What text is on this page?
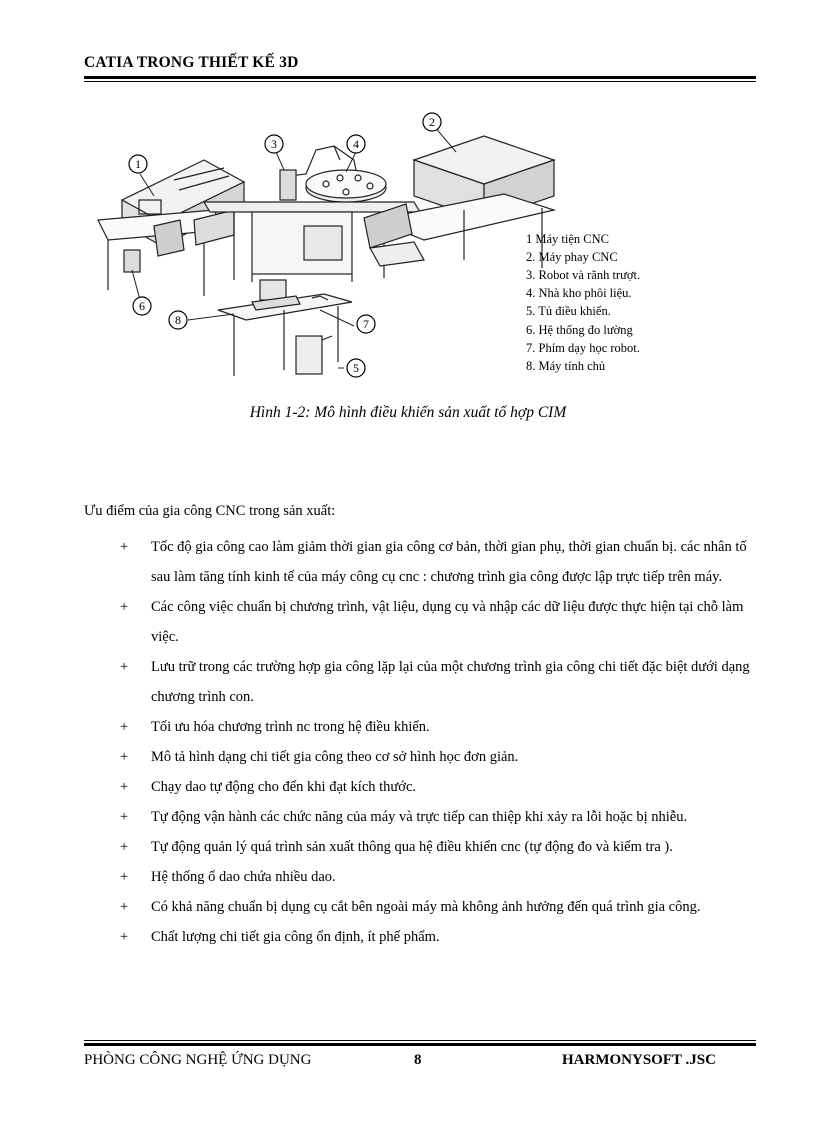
CATIA TRONG THIẾT KẾ 3D
1
2
3	4
5
6
7
8
1 Máy tiện CNC
2. Máy phay CNC
3. Robot và rãnh trượt.
4. Nhà kho phôi liệu.
5. Tủ điều khiển.
6. Hệ thống đo lường
7. Phím dạy học robot.
8. Máy tính chủ
Hình 1-2: Mô hình điều khiển sản xuất tổ hợp CIM
Ưu điểm của gia công CNC trong sản xuất:
+ Tốc độ gia công cao làm giảm thời gian gia công cơ bản, thời gian phụ, thời gian chuẩn bị. các nhân tố sau làm tăng tính kinh tế của máy công cụ cnc : chương trình gia công được lập trực tiếp trên máy.
+ Các công việc chuẩn bị chương trình, vật liệu, dụng cụ và nhập các dữ liệu được thực hiện tại chỗ làm việc.
+ Lưu trữ trong các trường hợp gia công lặp lại của một chương trình gia công chi tiết đặc biệt dưới dạng chương trình con.
+ Tối ưu hóa chương trình nc trong hệ điều khiển.
+ Mô tả hình dạng chi tiết gia công theo cơ sở hình học đơn giản.
+ Chạy dao tự động cho đến khi đạt kích thước.
+ Tự động vận hành các chức năng của máy và trực tiếp can thiệp khi xảy ra lỗi hoặc bị nhiễu.
+ Tự động quản lý quá trình sản xuất thông qua hệ điều khiển cnc (tự động đo và kiểm tra ).
+ Hệ thống ổ dao chứa nhiều dao.
+ Có khả năng chuẩn bị dụng cụ cắt bên ngoài máy mà không ảnh hưởng đến quá trình gia công.
+ Chất lượng chi tiết gia công ổn định, ít phế phẩm.
PHÒNG CÔNG NGHỆ ỨNG DỤNG	8	HARMONYSOFT .JSC
